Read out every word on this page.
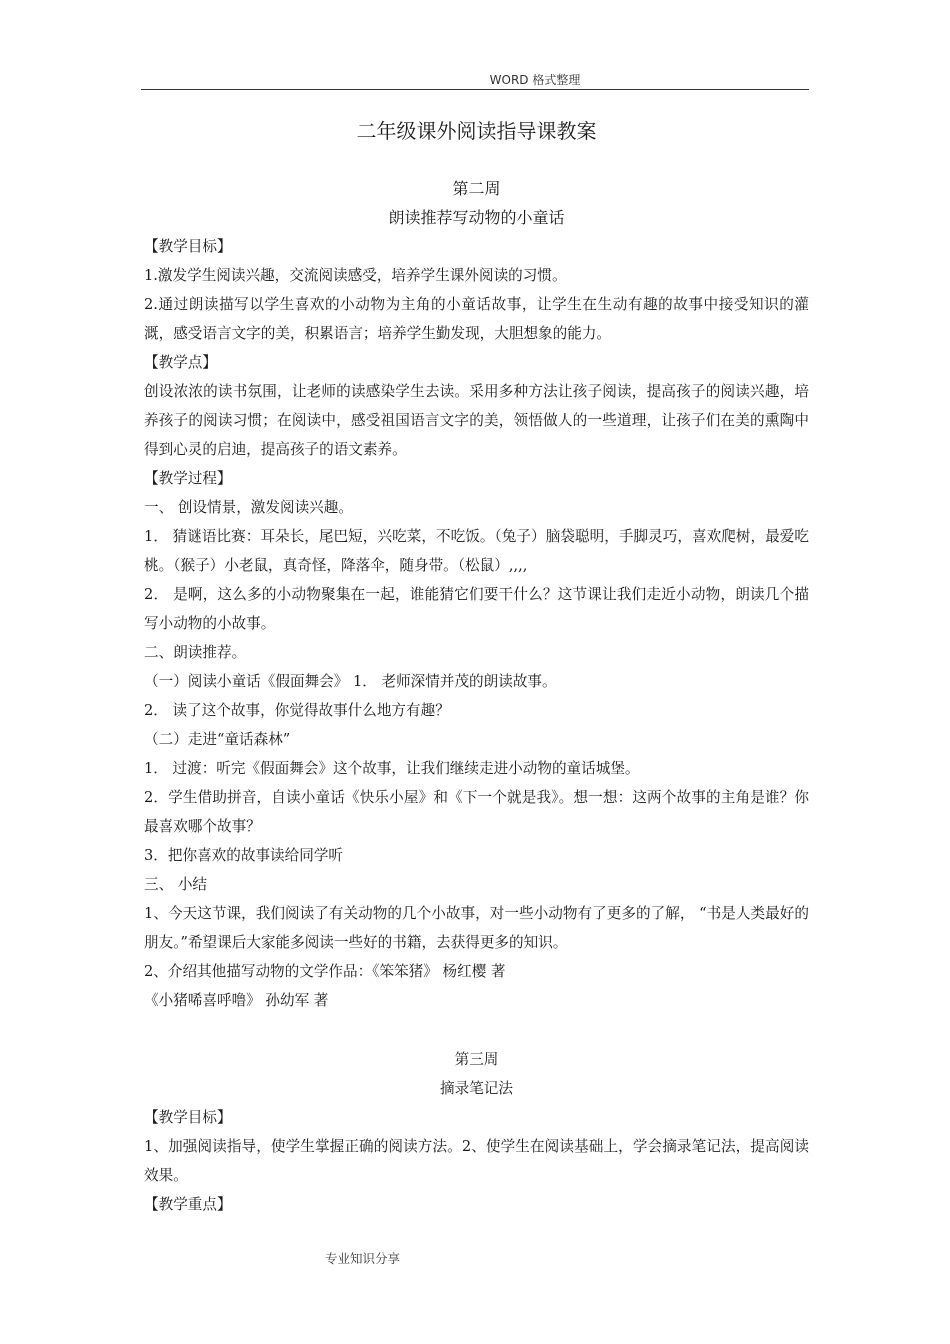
WORD 格式整理

二年级课外阅读指导课教案

第二周

朗读推荐写动物的小童话

【教学目标】

1.激发学生阅读兴趣，交流阅读感受，培养学生课外阅读的习惯。

2.通过朗读描写以学生喜欢的小动物为主角的小童话故事，让学生在生动有趣的故事中接受知识的灌溉，感受语言文字的美，积累语言；培养学生勤发现，大胆想象的能力。

【教学点】

创设浓浓的读书氛围，让老师的读感染学生去读。采用多种方法让孩子阅读，提高孩子的阅读兴趣，培养孩子的阅读习惯；在阅读中，感受祖国语言文字的美，领悟做人的一些道理，让孩子们在美的熏陶中得到心灵的启迪，提高孩子的语文素养。

【教学过程】

一、 创设情景，激发阅读兴趣。

1． 猜谜语比赛：耳朵长，尾巴短，兴吃菜，不吃饭。（兔子）脑袋聪明，手脚灵巧，喜欢爬树，最爱吃桃。（猴子）小老鼠，真奇怪，降落伞，随身带。（松鼠）,,,,

2． 是啊，这么多的小动物聚集在一起，谁能猜它们要干什么？这节课让我们走近小动物，朗读几个描写小动物的小故事。

二、朗读推荐。

（一）阅读小童话《假面舞会》 1． 老师深情并茂的朗读故事。

2． 读了这个故事，你觉得故事什么地方有趣？

（二）走进“童话森林”

1． 过渡：听完《假面舞会》这个故事，让我们继续走进小动物的童话城堡。

2．学生借助拼音，自读小童话《快乐小屋》和《下一个就是我》。想一想：这两个故事的主角是谁？你最喜欢哪个故事？

3．把你喜欢的故事读给同学听

三、 小结

1、今天这节课，我们阅读了有关动物的几个小故事，对一些小动物有了更多的了解， “书是人类最好的朋友。”希望课后大家能多阅读一些好的书籍，去获得更多的知识。

2、介绍其他描写动物的文学作品：《笨笨猪》 杨红樱 著

《小猪唏喜呼噜》 孙幼军 著

第三周

摘录笔记法

【教学目标】

1、加强阅读指导，使学生掌握正确的阅读方法。2、使学生在阅读基础上，学会摘录笔记法，提高阅读效果。

【教学重点】

专业知识分享
